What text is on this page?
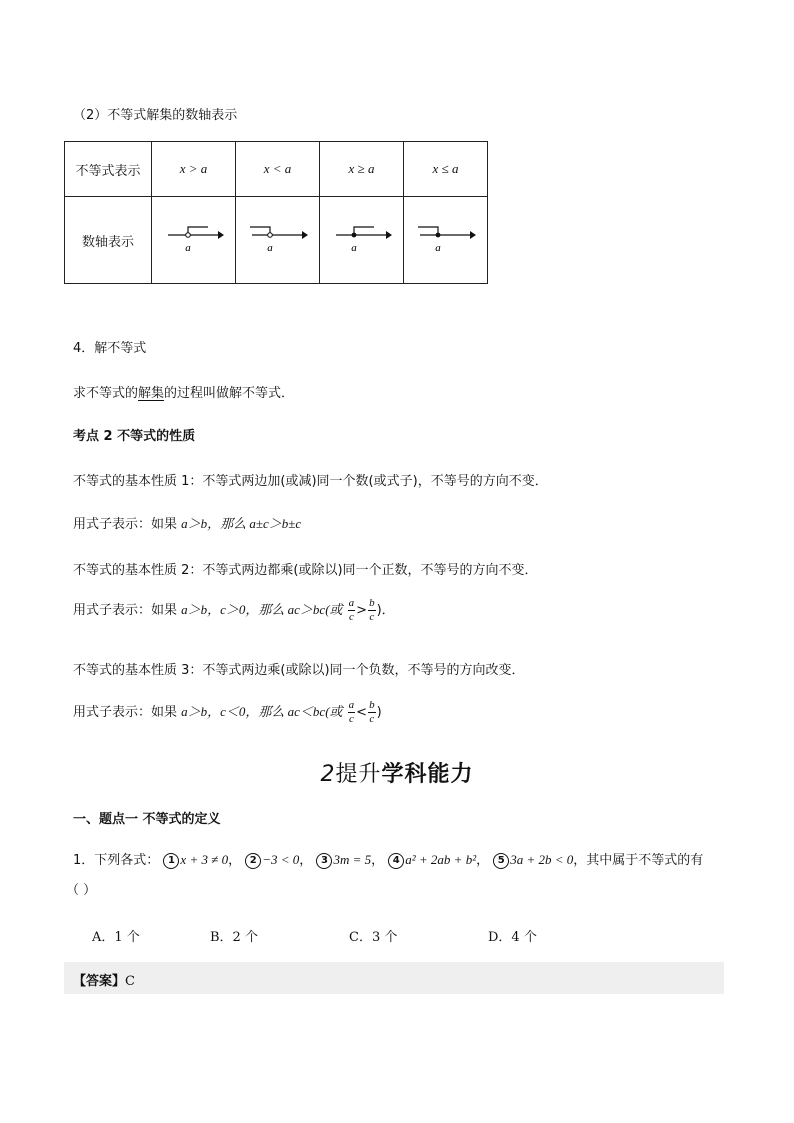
（2）不等式解集的数轴表示
不等式表示	x > a	x < a	x ≥ a	x ≤ a
数轴表示	a	a	a	a
4．解不等式
求不等式的解集的过程叫做解不等式．
考点 2 不等式的性质
不等式的基本性质 1：不等式两边加(或减)同一个数(或式子)，不等号的方向不变．
用式子表示：如果 a＞b，那么 a±c＞b±c
不等式的基本性质 2：不等式两边都乘(或除以)同一个正数，不等号的方向不变．
用式子表示：如果 a＞b，c＞0，那么 ac＞bc(或 $\frac{a}{c} > \frac{b}{c}$ )．
不等式的基本性质 3：不等式两边乘(或除以)同一个负数，不等号的方向改变．
用式子表示：如果 a＞b，c＜0，那么 ac＜bc(或 $\frac{a}{c} < \frac{b}{c}$ )
2提升学科能力
一、题点一 不等式的定义
1．下列各式： 1 x + 3 ≠ 0， 2 −3 < 0， 3 3m = 5， 4 a² + 2ab + b²， 5 3a + 2b < 0，其中属于不等式的有
（ ）
A．1 个	B．2 个	C．3 个	D．4 个
【答案】C
